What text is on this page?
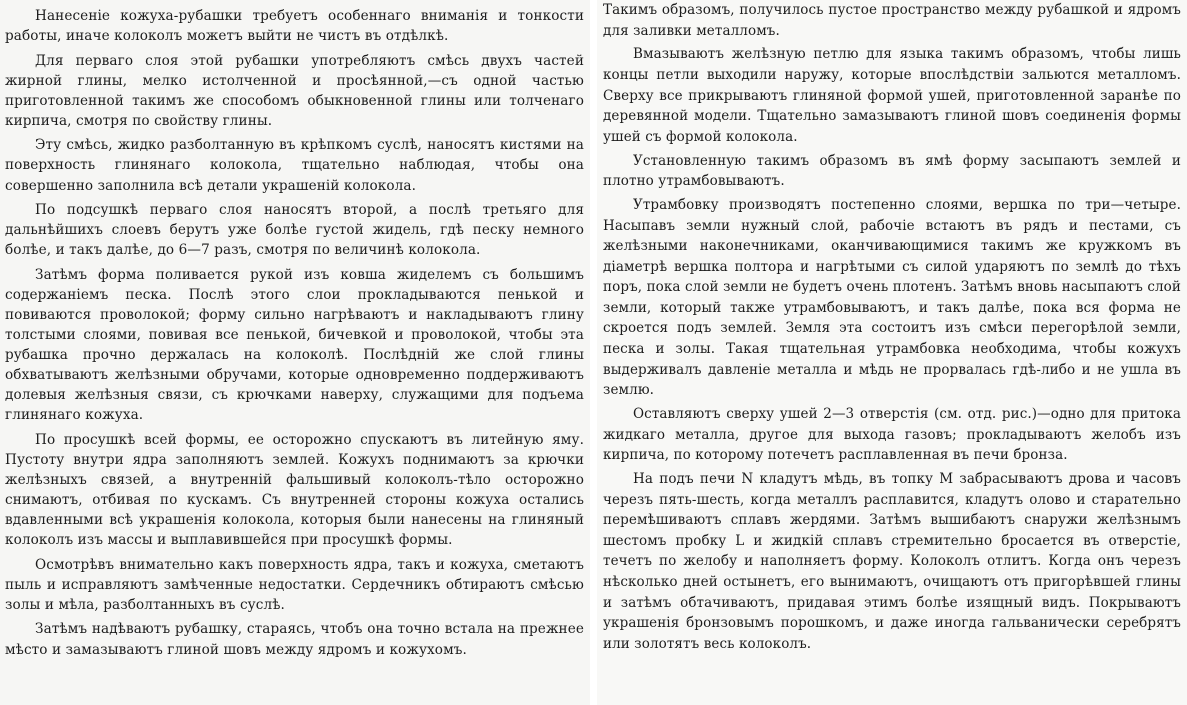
Нанесенie кожуха-рубашки требуетъ особеннаго вниманiя и тонкости работы, иначе колоколъ можетъ выйти не чистъ въ отдѣлкѣ.

Для перваго слоя этой рубашки употребляютъ смѣсь двухъ частей жирной глины, мелко истолченной и просѣянной,—съ одной частью приготовленной такимъ же способомъ обыкновенной глины или толченаго кирпича, смотря по свойству глины.

Эту смѣсь, жидко разболтанную въ крѣпкомъ суслѣ, наносятъ кистями на поверхность глинянаго колокола, тщательно наблюдая, чтобы она совершенно заполнила всѣ детали украшенiй колокола.

По подсушкѣ перваго слоя наносятъ второй, а послѣ третьяго для дальнѣйшихъ слоевъ берутъ уже болѣе густой жидель, гдѣ песку немного болѣе, и такъ далѣе, до 6—7 разъ, смотря по величинѣ колокола.

Затѣмъ форма поливается рукой изъ ковша жиделемъ съ большимъ содержанiемъ песка. Послѣ этого слои прокладываются пенькой и повиваются проволокой; форму сильно нагрѣваютъ и накладываютъ глину толстыми слоями, повивая все пенькой, бичевкой и проволокой, чтобы эта рубашка прочно держалась на колоколѣ. Послѣднiй же слой глины обхватываютъ желѣзными обручами, которые одновременно поддерживаютъ долевыя желѣзныя связи, съ крючками наверху, служащими для подъема глинянаго кожуха.

По просушкѣ всей формы, ее осторожно спускаютъ въ литейную яму. Пустоту внутри ядра заполняютъ землей. Кожухъ поднимаютъ за крючки желѣзныхъ связей, а внутреннiй фальшивый колоколъ-тѣло осторожно снимаютъ, отбивая по кускамъ. Съ внутренней стороны кожуха остались вдавленными всѣ украшенiя колокола, которыя были нанесены на глиняный колоколъ изъ массы и выплавившейся при просушкѣ формы.

Осмотрѣвъ внимательно какъ поверхность ядра, такъ и кожуха, сметаютъ пыль и исправляютъ замѣченные недостатки. Сердечникъ обтираютъ смѣсью золы и мѣла, разболтанныхъ въ суслѣ.

Затѣмъ надѣваютъ рубашку, стараясь, чтобъ она точно встала на прежнее мѣсто и замазываютъ глиной шовъ между ядромъ и кожухомъ.

Такимъ образомъ, получилось пустое пространство между рубашкой и ядромъ для заливки металломъ.

Вмазываютъ желѣзную петлю для языка такимъ образомъ, чтобы лишь концы петли выходили наружу, которые впослѣдствiи зальются металломъ. Сверху все прикрываютъ глиняной формой ушей, приготовленной заранѣе по деревянной модели. Тщательно замазываютъ глиной шовъ соединенiя формы ушей съ формой колокола.

Установленную такимъ образомъ въ ямѣ форму засыпаютъ землей и плотно утрамбовываютъ.

Утрамбовку производятъ постепенно слоями, вершка по три—четыре. Насыпавъ земли нужный слой, рабочiе встаютъ въ рядъ и пестами, съ желѣзными наконечниками, оканчивающимися такимъ же кружкомъ въ дiаметрѣ вершка полтора и нагрѣтыми съ силой ударяютъ по землѣ до тѣхъ поръ, пока слой земли не будетъ очень плотенъ. Затѣмъ вновь насыпаютъ слой земли, который также утрамбовываютъ, и такъ далѣе, пока вся форма не скроется подъ землей. Земля эта состоитъ изъ смѣси перегорѣлой земли, песка и золы. Такая тщательная утрамбовка необходима, чтобы кожухъ выдерживалъ давленiе металла и мѣдь не прорвалась гдѣ-либо и не ушла въ землю.

Оставляютъ сверху ушей 2—3 отверстiя (см. отд. рис.)—одно для притока жидкаго металла, другое для выхода газовъ; прокладываютъ желобъ изъ кирпича, по которому потечетъ расплавленная въ печи бронза.

На подъ печи N кладутъ мѣдь, въ топку M забрасываютъ дрова и часовъ черезъ пять-шесть, когда металлъ расплавится, кладутъ олово и старательно перемѣшиваютъ сплавъ жердями. Затѣмъ вышибаютъ снаружи желѣзнымъ шестомъ пробку L и жидкiй сплавъ стремительно бросается въ отверстiе, течетъ по желобу и наполняетъ форму. Колоколъ отлитъ. Когда онъ черезъ нѣсколько дней остынетъ, его вынимаютъ, очищаютъ отъ пригорѣвшей глины и затѣмъ обтачиваютъ, придавая этимъ болѣе изящный видъ. Покрываютъ украшенiя бронзовымъ порошкомъ, и даже иногда гальванически серебрятъ или золотятъ весь колоколъ.
